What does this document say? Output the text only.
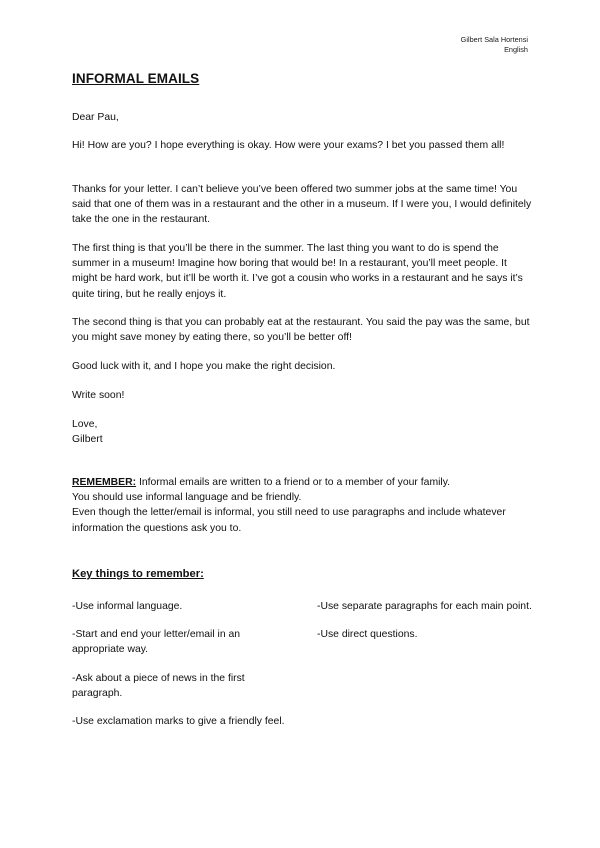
Gilbert Sala Hortensi
English
INFORMAL EMAILS
Dear Pau,
Hi! How are you? I hope everything is okay. How were your exams? I bet you passed them all!
Thanks for your letter. I can’t believe you’ve been offered two summer jobs at the same time! You said that one of them was in a restaurant and the other in a museum. If I were you, I would definitely take the one in the restaurant.
The first thing is that you’ll be there in the summer. The last thing you want to do is spend the summer in a museum! Imagine how boring that would be! In a restaurant, you’ll meet people. It might be hard work, but it’ll be worth it. I’ve got a cousin who works in a restaurant and he says it’s quite tiring, but he really enjoys it.
The second thing is that you can probably eat at the restaurant. You said the pay was the same, but you might save money by eating there, so you’ll be better off!
Good luck with it, and I hope you make the right decision.
Write soon!
Love,
Gilbert
REMEMBER: Informal emails are written to a friend or to a member of your family.
You should use informal language and be friendly.
Even though the letter/email is informal, you still need to use paragraphs and include whatever information the questions ask you to.
Key things to remember:
-Use informal language.
-Start and end your letter/email in an appropriate way.
-Ask about a piece of news in the first paragraph.
-Use exclamation marks to give a friendly feel.
-Use separate paragraphs for each main point.
-Use direct questions.
